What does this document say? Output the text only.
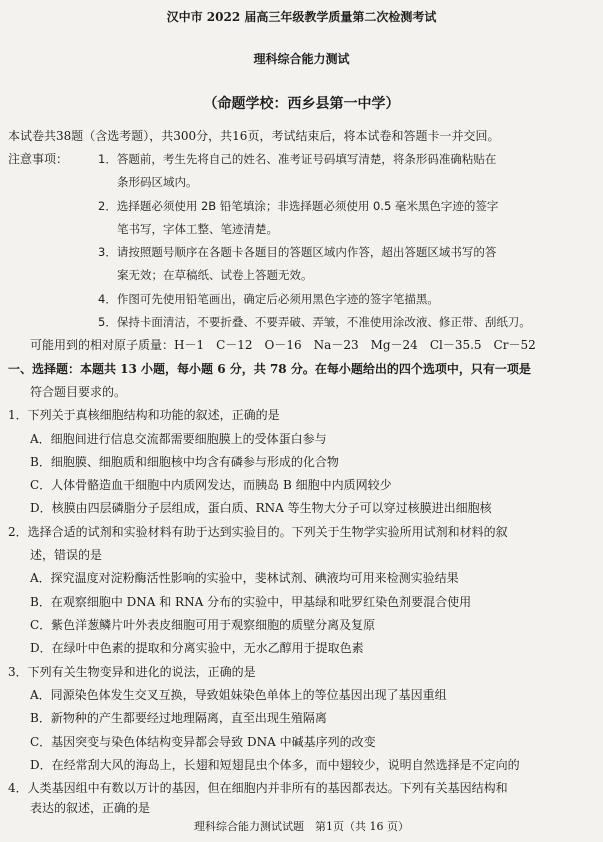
汉中市 2022 届高三年级教学质量第二次检测考试
理科综合能力测试
（命题学校：西乡县第一中学）
本试卷共38题（含选考题），共300分，共16页，考试结束后，将本试卷和答题卡一并交回。
注意事项：	1．答题前，考生先将自己的姓名、准考证号码填写清楚，将条形码准确粘贴在
条形码区域内。
2．选择题必须使用 2B 铅笔填涂；非选择题必须使用 0.5 毫米黑色字迹的签字
笔书写，字体工整、笔迹清楚。
3．请按照题号顺序在各题卡各题目的答题区域内作答，超出答题区域书写的答
案无效；在草稿纸、试卷上答题无效。
4．作图可先使用铅笔画出，确定后必须用黑色字迹的签字笔描黑。
5．保持卡面清洁，不要折叠、不要弄破、弄皱，不准使用涂改液、修正带、刮纸刀。
可能用到的相对原子质量：H－1　C－12　O－16　Na－23　Mg－24　Cl－35.5　Cr－52
一、选择题：本题共 13 小题，每小题 6 分，共 78 分。在每小题给出的四个选项中，只有一项是
符合题目要求的。
1．下列关于真核细胞结构和功能的叙述，正确的是
A．细胞间进行信息交流都需要细胞膜上的受体蛋白参与
B．细胞膜、细胞质和细胞核中均含有磷参与形成的化合物
C．人体骨骼造血干细胞中内质网发达，而胰岛 B 细胞中内质网较少
D．核膜由四层磷脂分子层组成，蛋白质、RNA 等生物大分子可以穿过核膜进出细胞核
2．选择合适的试剂和实验材料有助于达到实验目的。下列关于生物学实验所用试剂和材料的叙
述，错误的是
A．探究温度对淀粉酶活性影响的实验中，斐林试剂、碘液均可用来检测实验结果
B．在观察细胞中 DNA 和 RNA 分布的实验中，甲基绿和吡罗红染色剂要混合使用
C．紫色洋葱鳞片叶外表皮细胞可用于观察细胞的质壁分离及复原
D．在绿叶中色素的提取和分离实验中，无水乙醇用于提取色素
3．下列有关生物变异和进化的说法，正确的是
A．同源染色体发生交叉互换，导致姐妹染色单体上的等位基因出现了基因重组
B．新物种的产生都要经过地理隔离，直至出现生殖隔离
C．基因突变与染色体结构变异都会导致 DNA 中碱基序列的改变
D．在经常刮大风的海岛上，长翅和短翅昆虫个体多，而中翅较少，说明自然选择是不定向的
4．人类基因组中有数以万计的基因，但在细胞内并非所有的基因都表达。下列有关基因结构和
表达的叙述，正确的是
理科综合能力测试试题　第1页（共 16 页）
